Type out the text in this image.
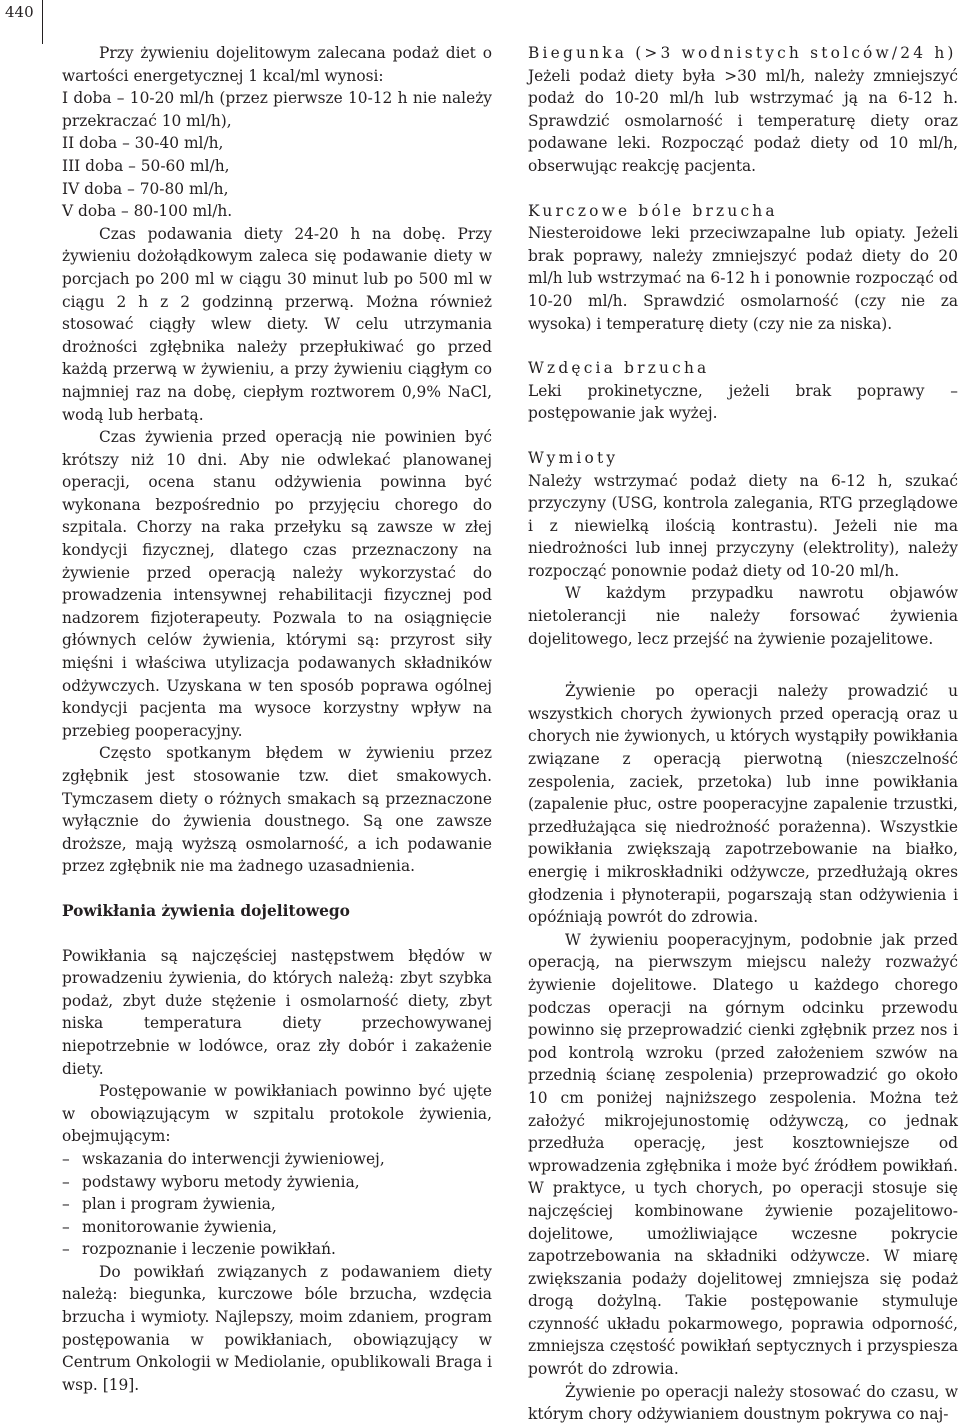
440

Przy żywieniu dojelitowym zalecana podaż diet o wartości energetycznej 1 kcal/ml wynosi:

I doba – 10-20 ml/h (przez pierwsze 10-12 h nie należy przekraczać 10 ml/h),

II doba – 30-40 ml/h,

III doba – 50-60 ml/h,

IV doba – 70-80 ml/h,

V doba – 80-100 ml/h.

Czas podawania diety 24-20 h na dobę. Przy żywieniu dożołądkowym zaleca się podawanie diety w porcjach po 200 ml w ciągu 30 minut lub po 500 ml w ciągu 2 h z 2 godzinną przerwą. Można również stosować ciągły wlew diety. W celu utrzymania drożności zgłębnika należy przepłukiwać go przed każdą przerwą w żywieniu, a przy żywieniu ciągłym co najmniej raz na dobę, ciepłym roztworem 0,9% NaCl, wodą lub herbatą.

Czas żywienia przed operacją nie powinien być krótszy niż 10 dni. Aby nie odwlekać planowanej operacji, ocena stanu odżywienia powinna być wykonana bezpośrednio po przyjęciu chorego do szpitala. Chorzy na raka przełyku są zawsze w złej kondycji fizycznej, dlatego czas przeznaczony na żywienie przed operacją należy wykorzystać do prowadzenia intensywnej rehabilitacji fizycznej pod nadzorem fizjoterapeuty. Pozwala to na osiągnięcie głównych celów żywienia, którymi są: przyrost siły mięśni i właściwa utylizacja podawanych składników odżywczych. Uzyskana w ten sposób poprawa ogólnej kondycji pacjenta ma wysoce korzystny wpływ na przebieg pooperacyjny.

Często spotkanym błędem w żywieniu przez zgłębnik jest stosowanie tzw. diet smakowych. Tymczasem diety o różnych smakach są przeznaczone wyłącznie do żywienia doustnego. Są one zawsze droższe, mają wyższą osmolarność, a ich podawanie przez zgłębnik nie ma żadnego uzasadnienia.

Powikłania żywienia dojelitowego

Powikłania są najczęściej następstwem błędów w prowadzeniu żywienia, do których należą: zbyt szybka podaż, zbyt duże stężenie i osmolarność diety, zbyt niska temperatura diety przechowywanej niepotrzebnie w lodówce, oraz zły dobór i zakażenie diety.

Postępowanie w powikłaniach powinno być ujęte w obowiązującym w szpitalu protokole żywienia, obejmującym:

– wskazania do interwencji żywieniowej,
– podstawy wyboru metody żywienia,
– plan i program żywienia,
– monitorowanie żywienia,
– rozpoznanie i leczenie powikłań.

Do powikłań związanych z podawaniem diety należą: biegunka, kurczowe bóle brzucha, wzdęcia brzucha i wymioty. Najlepszy, moim zdaniem, program postępowania w powikłaniach, obowiązujący w Centrum Onkologii w Mediolanie, opublikowali Braga i wsp. [19].

Biegunka (>3 wodnistych stolców/24 h)

Jeżeli podaż diety była >30 ml/h, należy zmniejszyć podaż do 10-20 ml/h lub wstrzymać ją na 6-12 h. Sprawdzić osmolarność i temperaturę diety oraz podawane leki. Rozpocząć podaż diety od 10 ml/h, obserwując reakcję pacjenta.

Kurczowe bóle brzucha

Niesteroidowe leki przeciwzapalne lub opiaty. Jeżeli brak poprawy, należy zmniejszyć podaż diety do 20 ml/h lub wstrzymać na 6-12 h i ponownie rozpocząć od 10-20 ml/h. Sprawdzić osmolarność (czy nie za wysoka) i temperaturę diety (czy nie za niska).

Wzdęcia brzucha

Leki prokinetyczne, jeżeli brak poprawy – postępowanie jak wyżej.

Wymioty

Należy wstrzymać podaż diety na 6-12 h, szukać przyczyny (USG, kontrola zalegania, RTG przeglądowe i z niewielką ilością kontrastu). Jeżeli nie ma niedrożności lub innej przyczyny (elektrolity), należy rozpocząć ponownie podaż diety od 10-20 ml/h.

W każdym przypadku nawrotu objawów nietolerancji nie należy forsować żywienia dojelitowego, lecz przejść na żywienie pozajelitowe.

Żywienie po operacji należy prowadzić u wszystkich chorych żywionych przed operacją oraz u chorych nie żywionych, u których wystąpiły powikłania związane z operacją pierwotną (nieszczelność zespolenia, zaciek, przetoka) lub inne powikłania (zapalenie płuc, ostre pooperacyjne zapalenie trzustki, przedłużająca się niedrożność porażenna). Wszystkie powikłania zwiększają zapotrzebowanie na białko, energię i mikroskładniki odżywcze, przedłużają okres głodzenia i płynoterapii, pogarszają stan odżywienia i opóźniają powrót do zdrowia.

W żywieniu pooperacyjnym, podobnie jak przed operacją, na pierwszym miejscu należy rozważyć żywienie dojelitowe. Dlatego u każdego chorego podczas operacji na górnym odcinku przewodu powinno się przeprowadzić cienki zgłębnik przez nos i pod kontrolą wzroku (przed założeniem szwów na przednią ścianę zespolenia) przeprowadzić go około 10 cm poniżej najniższego zespolenia. Można też założyć mikrojejunostomię odżywczą, co jednak przedłuża operację, jest kosztowniejsze od wprowadzenia zgłębnika i może być źródłem powikłań. W praktyce, u tych chorych, po operacji stosuje się najczęściej kombinowane żywienie pozajelitowo-dojelitowe, umożliwiające wczesne pokrycie zapotrzebowania na składniki odżywcze. W miarę zwiększania podaży dojelitowej zmniejsza się podaż drogą dożylną. Takie postępowanie stymuluje czynność układu pokarmowego, poprawia odporność, zmniejsza częstość powikłań septycznych i przyspiesza powrót do zdrowia.

Żywienie po operacji należy stosować do czasu, w którym chory odżywianiem doustnym pokrywa co naj-
